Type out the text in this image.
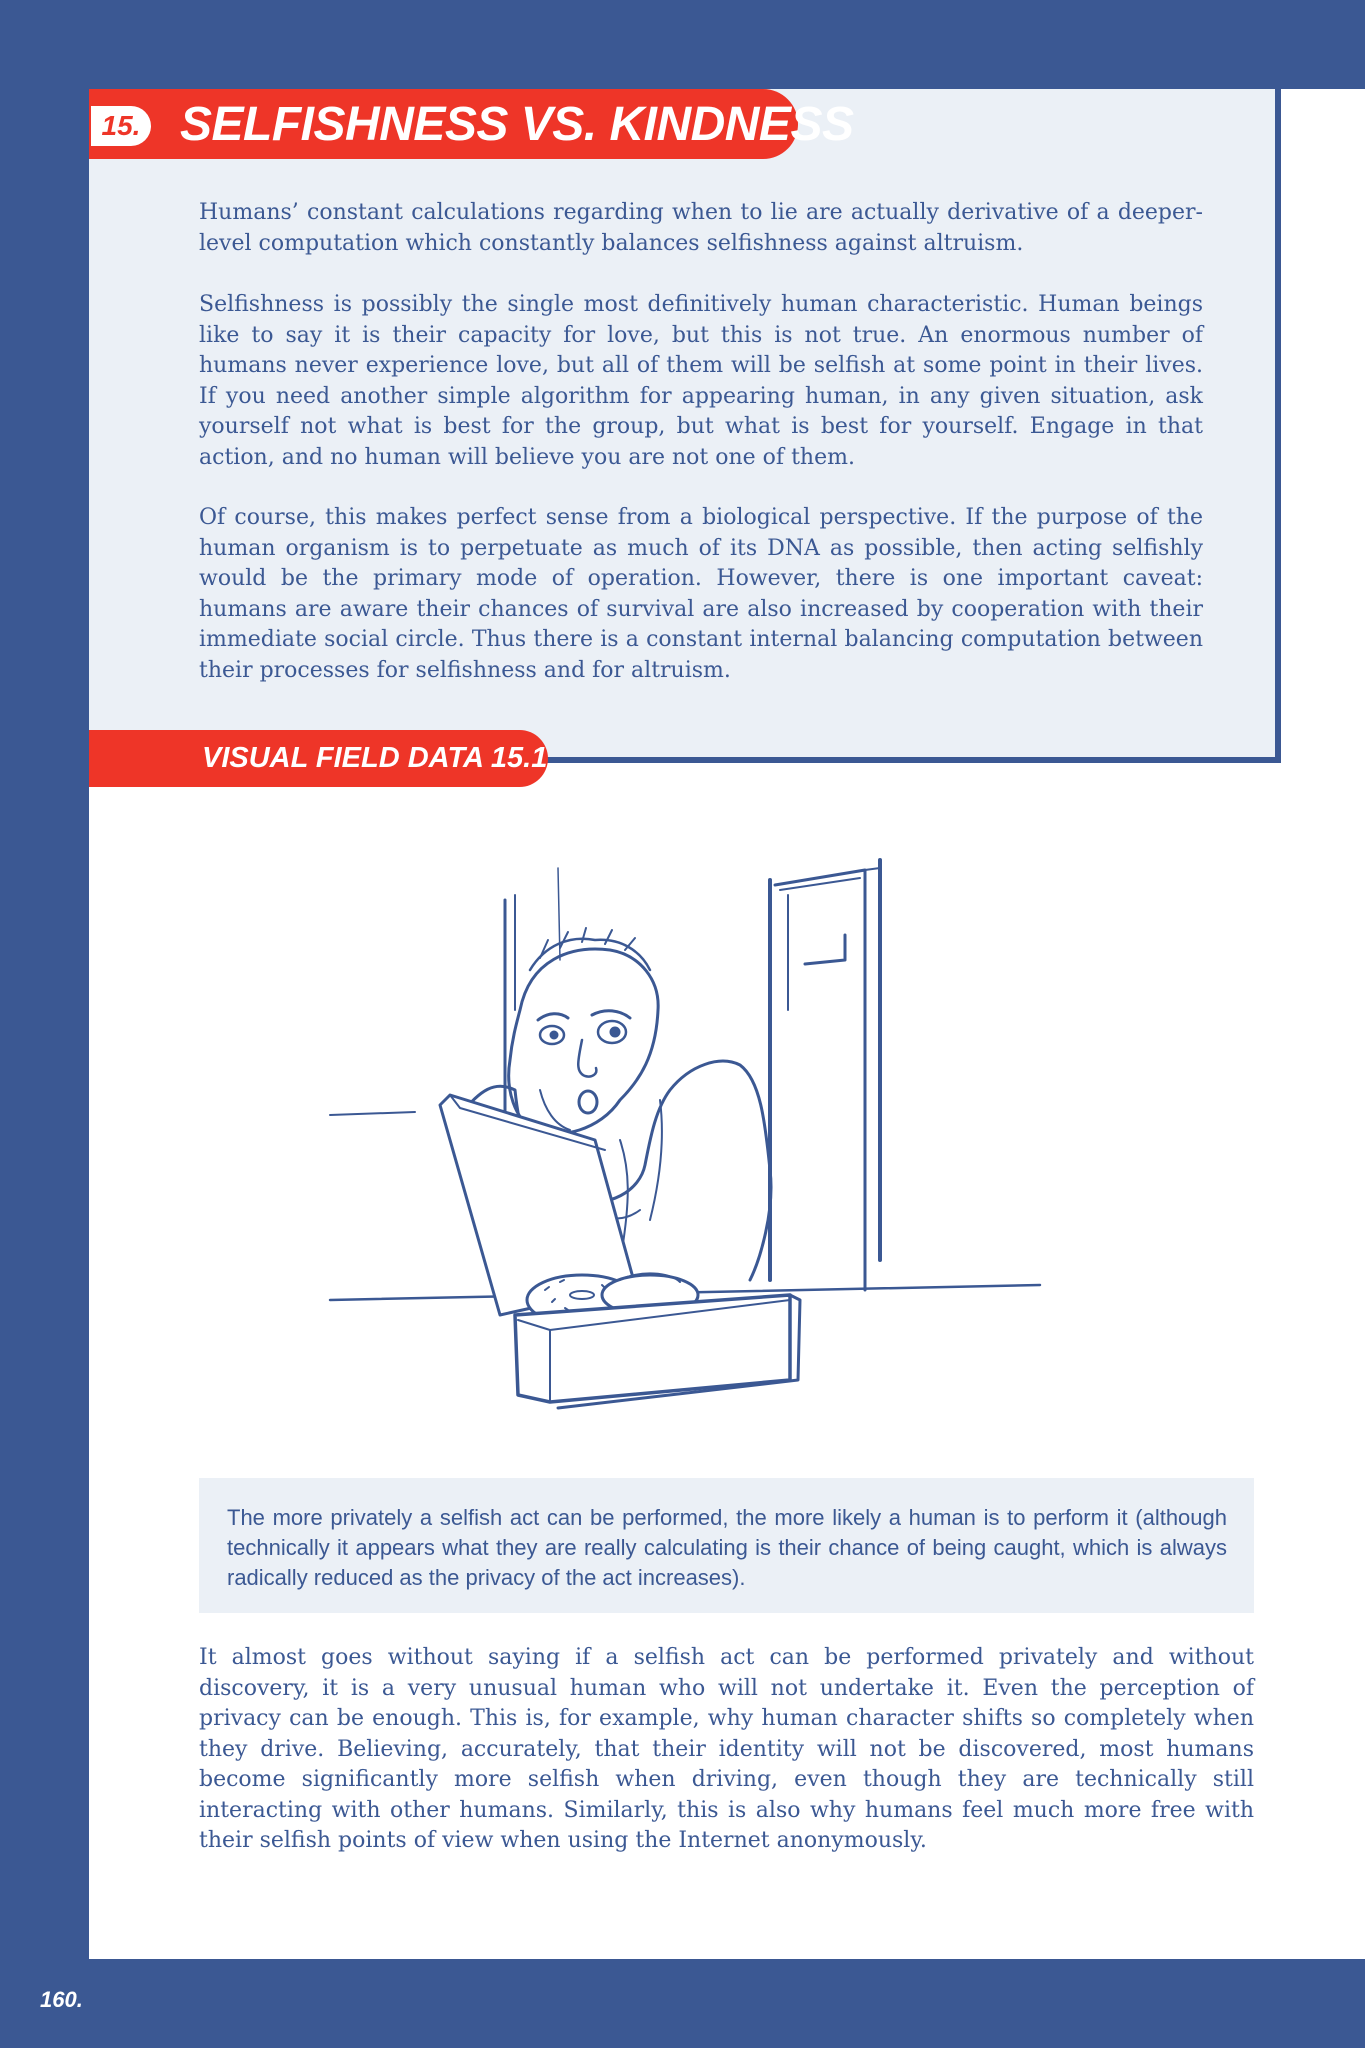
15. SELFISHNESS VS. KINDNESS

Humans’ constant calculations regarding when to lie are actually derivative of a deeper-level computation which constantly balances selfishness against altruism.

Selfishness is possibly the single most definitively human characteristic. Human beings like to say it is their capacity for love, but this is not true. An enormous number of humans never experience love, but all of them will be selfish at some point in their lives. If you need another simple algorithm for appearing human, in any given situation, ask yourself not what is best for the group, but what is best for yourself. Engage in that action, and no human will believe you are not one of them.

Of course, this makes perfect sense from a biological perspective. If the purpose of the human organism is to perpetuate as much of its DNA as possible, then acting selfishly would be the primary mode of operation. However, there is one important caveat: humans are aware their chances of survival are also increased by cooperation with their immediate social circle. Thus there is a constant internal balancing computation between their processes for selfishness and for altruism.

VISUAL FIELD DATA 15.1

The more privately a selfish act can be performed, the more likely a human is to perform it (although technically it appears what they are really calculating is their chance of being caught, which is always radically reduced as the privacy of the act increases).

It almost goes without saying if a selfish act can be performed privately and without discovery, it is a very unusual human who will not undertake it. Even the perception of privacy can be enough. This is, for example, why human character shifts so completely when they drive. Believing, accurately, that their identity will not be discovered, most humans become significantly more selfish when driving, even though they are technically still interacting with other humans. Similarly, this is also why humans feel much more free with their selfish points of view when using the Internet anonymously.

160.
